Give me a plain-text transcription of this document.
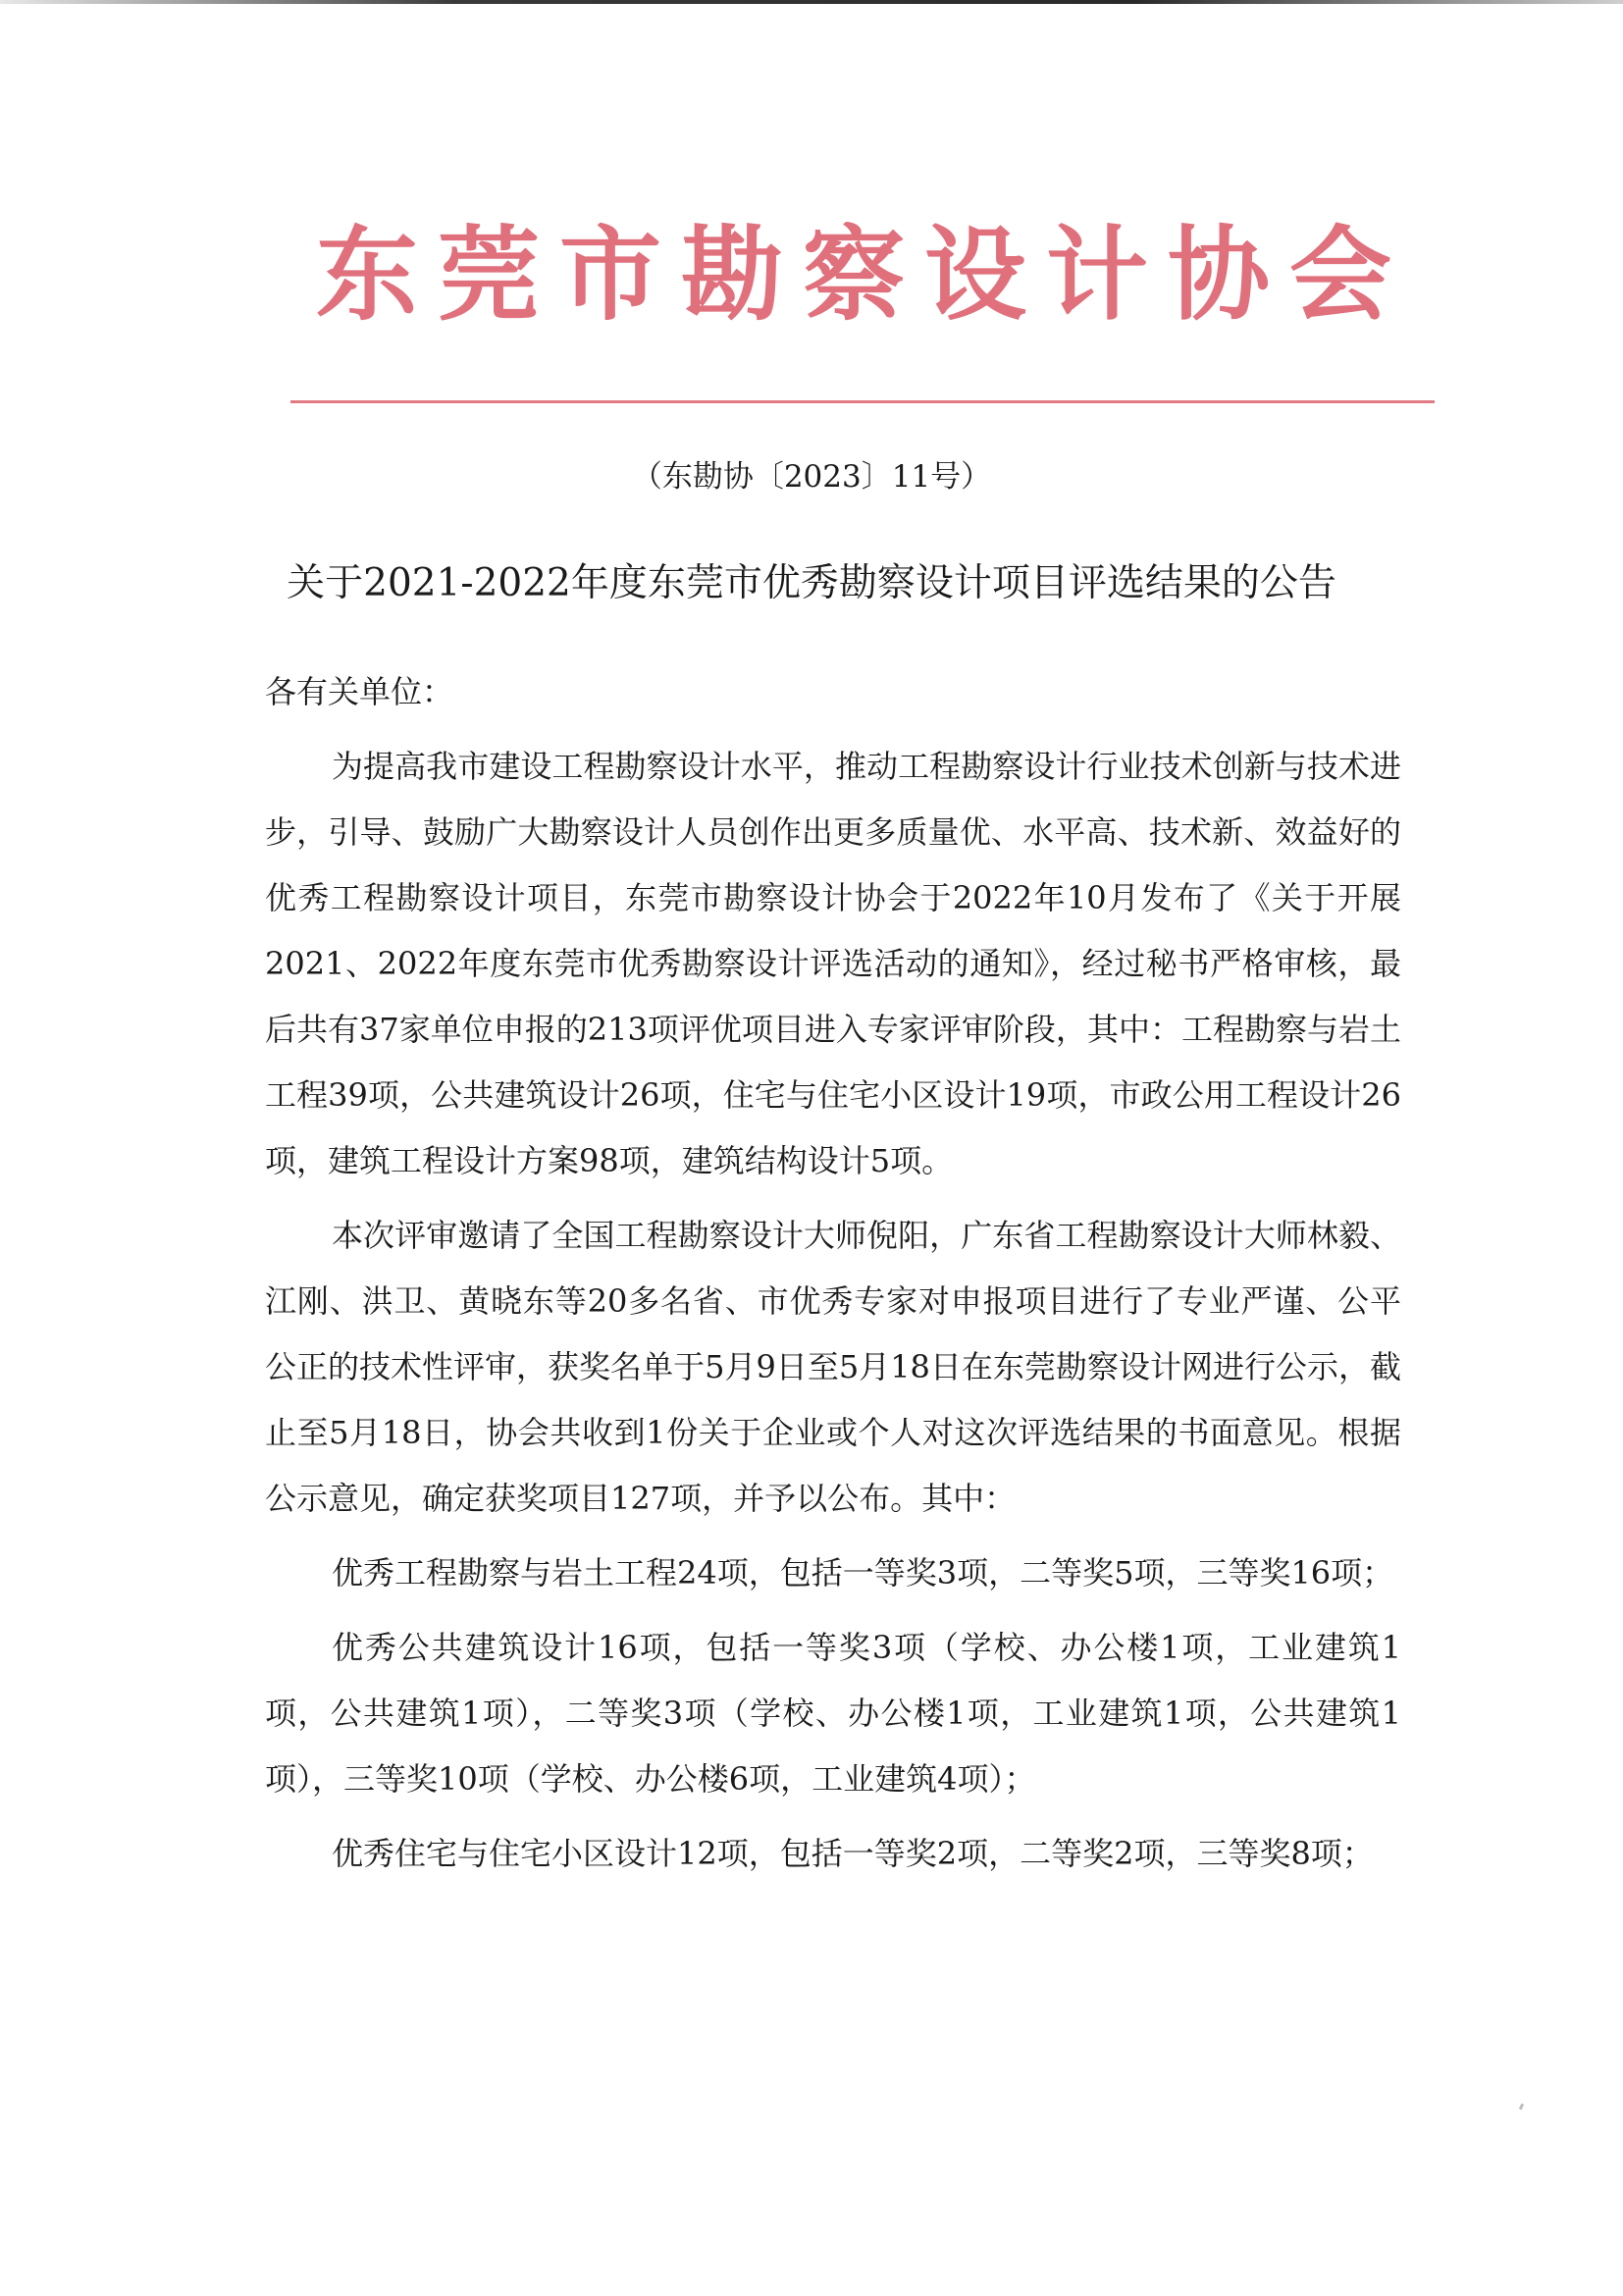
东莞市勘察设计协会
（东勘协〔2023〕11号）
关于2021-2022年度东莞市优秀勘察设计项目评选结果的公告

各有关单位：

为提高我市建设工程勘察设计水平，推动工程勘察设计行业技术创新与技术进步，引导、鼓励广大勘察设计人员创作出更多质量优、水平高、技术新、效益好的优秀工程勘察设计项目，东莞市勘察设计协会于2022年10月发布了《关于开展2021、2022年度东莞市优秀勘察设计评选活动的通知》，经过秘书严格审核，最后共有37家单位申报的213项评优项目进入专家评审阶段，其中：工程勘察与岩土工程39项，公共建筑设计26项，住宅与住宅小区设计19项，市政公用工程设计26项，建筑工程设计方案98项，建筑结构设计5项。

本次评审邀请了全国工程勘察设计大师倪阳，广东省工程勘察设计大师林毅、江刚、洪卫、黄晓东等20多名省、市优秀专家对申报项目进行了专业严谨、公平公正的技术性评审，获奖名单于5月9日至5月18日在东莞勘察设计网进行公示，截止至5月18日，协会共收到1份关于企业或个人对这次评选结果的书面意见。根据公示意见，确定获奖项目127项，并予以公布。其中：

优秀工程勘察与岩土工程24项，包括一等奖3项，二等奖5项，三等奖16项；

优秀公共建筑设计16项，包括一等奖3项（学校、办公楼1项，工业建筑1项，公共建筑1项），二等奖3项（学校、办公楼1项，工业建筑1项，公共建筑1项），三等奖10项（学校、办公楼6项，工业建筑4项）；

优秀住宅与住宅小区设计12项，包括一等奖2项，二等奖2项，三等奖8项；
